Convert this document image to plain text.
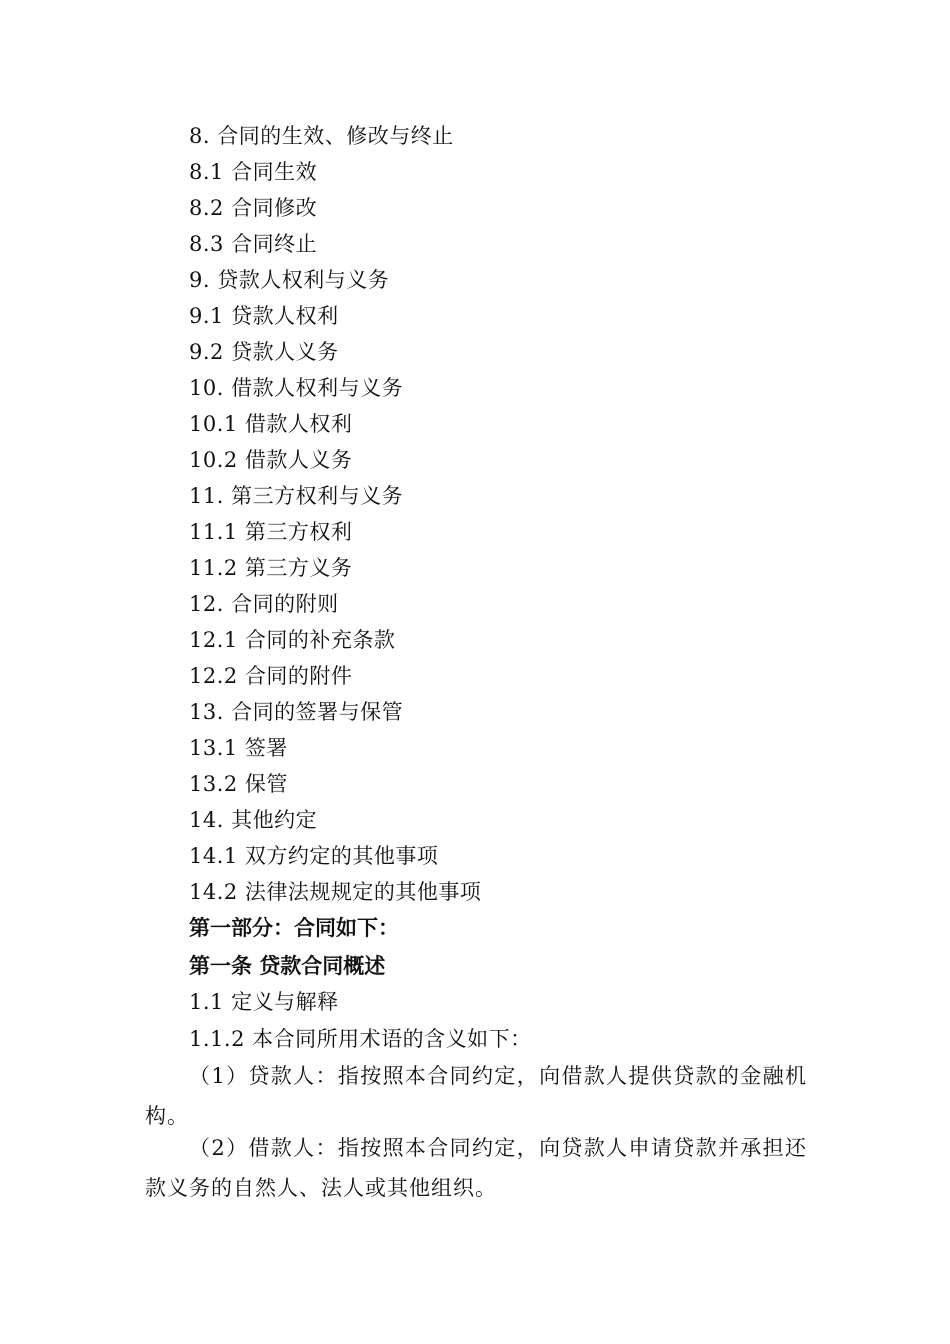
8. 合同的生效、修改与终止
8.1 合同生效
8.2 合同修改
8.3 合同终止
9. 贷款人权利与义务
9.1 贷款人权利
9.2 贷款人义务
10. 借款人权利与义务
10.1 借款人权利
10.2 借款人义务
11. 第三方权利与义务
11.1 第三方权利
11.2 第三方义务
12. 合同的附则
12.1 合同的补充条款
12.2 合同的附件
13. 合同的签署与保管
13.1 签署
13.2 保管
14. 其他约定
14.1 双方约定的其他事项
14.2 法律法规规定的其他事项
第一部分：合同如下：
第一条 贷款合同概述
1.1 定义与解释
1.1.2 本合同所用术语的含义如下：

（1）贷款人：指按照本合同约定，向借款人提供贷款的金融机构。

（2）借款人：指按照本合同约定，向贷款人申请贷款并承担还款义务的自然人、法人或其他组织。
